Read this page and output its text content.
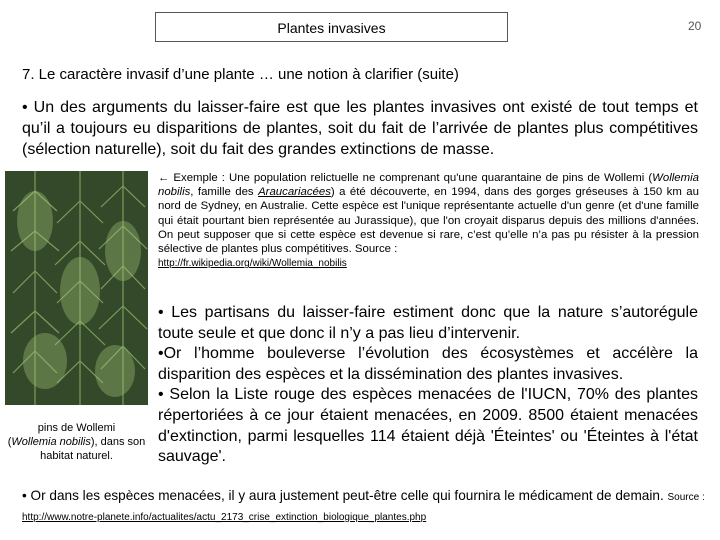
Plantes invasives	20
7. Le caractère invasif d’une plante … une notion à clarifier (suite)
• Un des arguments du laisser-faire est que les plantes invasives ont existé de tout temps et qu’il a toujours eu disparitions de plantes, soit du fait de l’arrivée de plantes plus compétitives (sélection naturelle), soit du fait des grandes extinctions de masse.
pins de Wollemi
(Wollemia nobilis), dans son habitat naturel.
← Exemple : Une population relictuelle ne comprenant qu'une quarantaine de pins de Wollemi (Wollemia nobilis, famille des Araucariacées) a été découverte, en 1994, dans des gorges gréseuses à 150 km au nord de Sydney, en Australie. Cette espèce est l'unique représentante actuelle d'un genre (et d'une famille qui était pourtant bien représentée au Jurassique), que l'on croyait disparus depuis des millions d'années. On peut supposer que si cette espèce est devenue si rare, c’est qu’elle n’a pas pu résister à la pression sélective de plantes plus compétitives. Source :
http://fr.wikipedia.org/wiki/Wollemia_nobilis

• Les partisans du laisser-faire estiment donc que la nature s’autorégule toute seule et que donc il n’y a pas lieu d’intervenir.

•Or l’homme bouleverse l’évolution des écosystèmes et accélère la disparition des espèces et la dissémination des plantes invasives.

• Selon la Liste rouge des espèces menacées de l'IUCN, 70% des plantes répertoriées à ce jour étaient menacées, en 2009. 8500 étaient menacées d'extinction, parmi lesquelles 114 étaient déjà 'Éteintes' ou 'Éteintes à l'état sauvage'.

• Or dans les espèces menacées, il y aura justement peut-être celle qui fournira le médicament de demain. Source : http://www.notre-planete.info/actualites/actu_2173_crise_extinction_biologique_plantes.php
